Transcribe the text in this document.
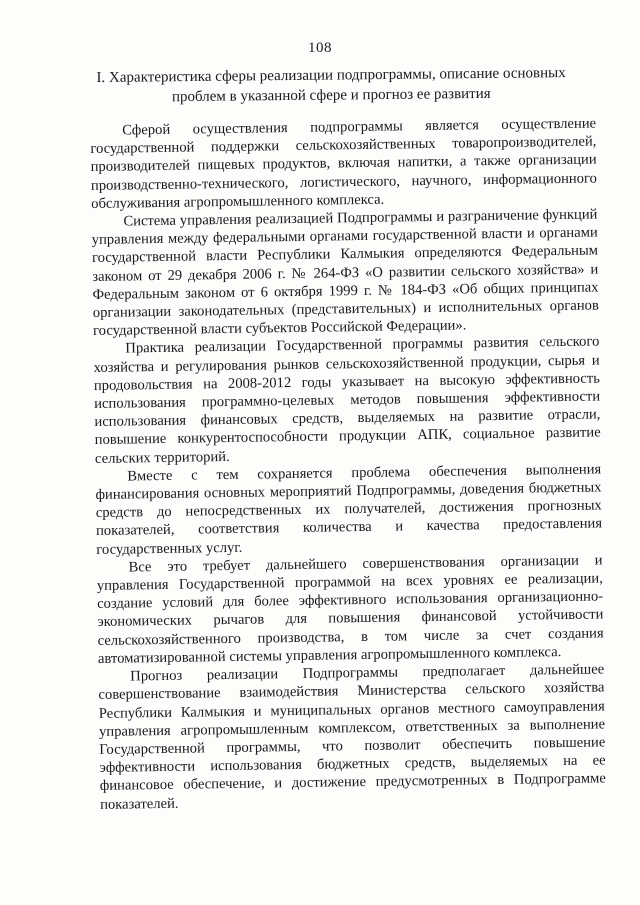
108
I. Характеристика сферы реализации подпрограммы, описание основных проблем в указанной сфере и прогноз ее развития

Сферой осуществления подпрограммы является осуществление государственной поддержки сельскохозяйственных товаропроизводителей, производителей пищевых продуктов, включая напитки, а также организации производственно-технического, логистического, научного, информационного обслуживания агропромышленного комплекса.

Система управления реализацией Подпрограммы и разграничение функций управления между федеральными органами государственной власти и органами государственной власти Республики Калмыкия определяются Федеральным законом от 29 декабря 2006 г. № 264-ФЗ «О развитии сельского хозяйства» и Федеральным законом от 6 октября 1999 г. № 184-ФЗ «Об общих принципах организации законодательных (представительных) и исполнительных органов государственной власти субъектов Российской Федерации».

Практика реализации Государственной программы развития сельского хозяйства и регулирования рынков сельскохозяйственной продукции, сырья и продовольствия на 2008-2012 годы указывает на высокую эффективность использования программно-целевых методов повышения эффективности использования финансовых средств, выделяемых на развитие отрасли, повышение конкурентоспособности продукции АПК, социальное развитие сельских территорий.

Вместе с тем сохраняется проблема обеспечения выполнения финансирования основных мероприятий Подпрограммы, доведения бюджетных средств до непосредственных их получателей, достижения прогнозных показателей, соответствия количества и качества предоставления государственных услуг.

Все это требует дальнейшего совершенствования организации и управления Государственной программой на всех уровнях ее реализации, создание условий для более эффективного использования организационно-экономических рычагов для повышения финансовой устойчивости сельскохозяйственного производства, в том числе за счет создания автоматизированной системы управления агропромышленного комплекса.

Прогноз реализации Подпрограммы предполагает дальнейшее совершенствование взаимодействия Министерства сельского хозяйства Республики Калмыкия и муниципальных органов местного самоуправления управления агропромышленным комплексом, ответственных за выполнение Государственной программы, что позволит обеспечить повышение эффективности использования бюджетных средств, выделяемых на ее финансовое обеспечение, и достижение предусмотренных в Подпрограмме показателей.
